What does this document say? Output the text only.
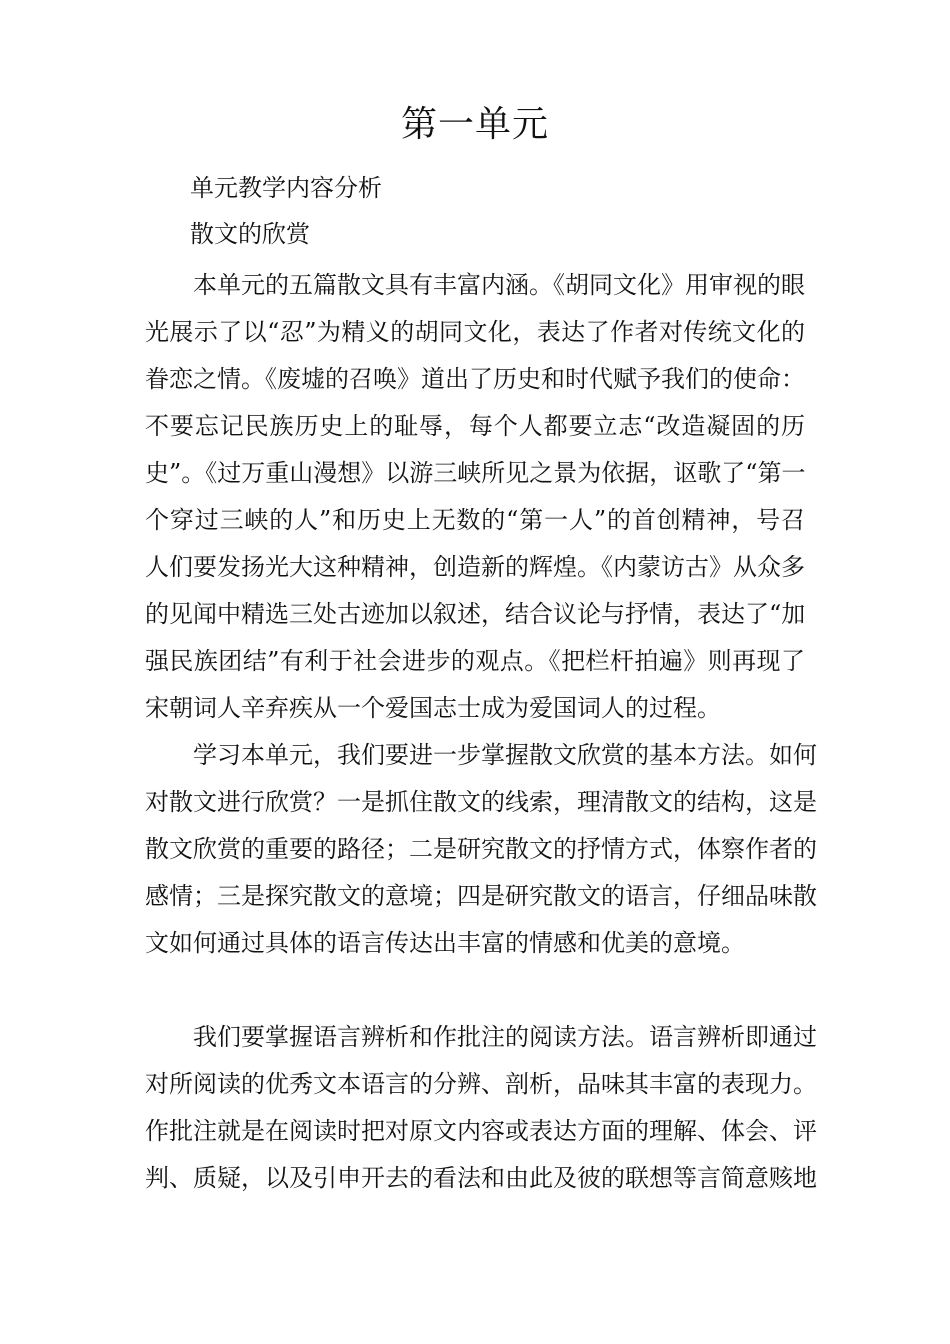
第一单元
单元教学内容分析
散文的欣赏
本单元的五篇散文具有丰富内涵。《胡同文化》用审视的眼
光展示了以“忍”为精义的胡同文化，表达了作者对传统文化的
眷恋之情。《废墟的召唤》道出了历史和时代赋予我们的使命：
不要忘记民族历史上的耻辱，每个人都要立志“改造凝固的历
史”。《过万重山漫想》以游三峡所见之景为依据，讴歌了“第一
个穿过三峡的人”和历史上无数的“第一人”的首创精神，号召
人们要发扬光大这种精神，创造新的辉煌。《内蒙访古》从众多
的见闻中精选三处古迹加以叙述，结合议论与抒情，表达了“加
强民族团结”有利于社会进步的观点。《把栏杆拍遍》则再现了
宋朝词人辛弃疾从一个爱国志士成为爱国词人的过程。
学习本单元，我们要进一步掌握散文欣赏的基本方法。如何
对散文进行欣赏？一是抓住散文的线索，理清散文的结构，这是
散文欣赏的重要的路径；二是研究散文的抒情方式，体察作者的
感情；三是探究散文的意境；四是研究散文的语言，仔细品味散
文如何通过具体的语言传达出丰富的情感和优美的意境。
我们要掌握语言辨析和作批注的阅读方法。语言辨析即通过
对所阅读的优秀文本语言的分辨、剖析，品味其丰富的表现力。
作批注就是在阅读时把对原文内容或表达方面的理解、体会、评
判、质疑，以及引申开去的看法和由此及彼的联想等言简意赅地
